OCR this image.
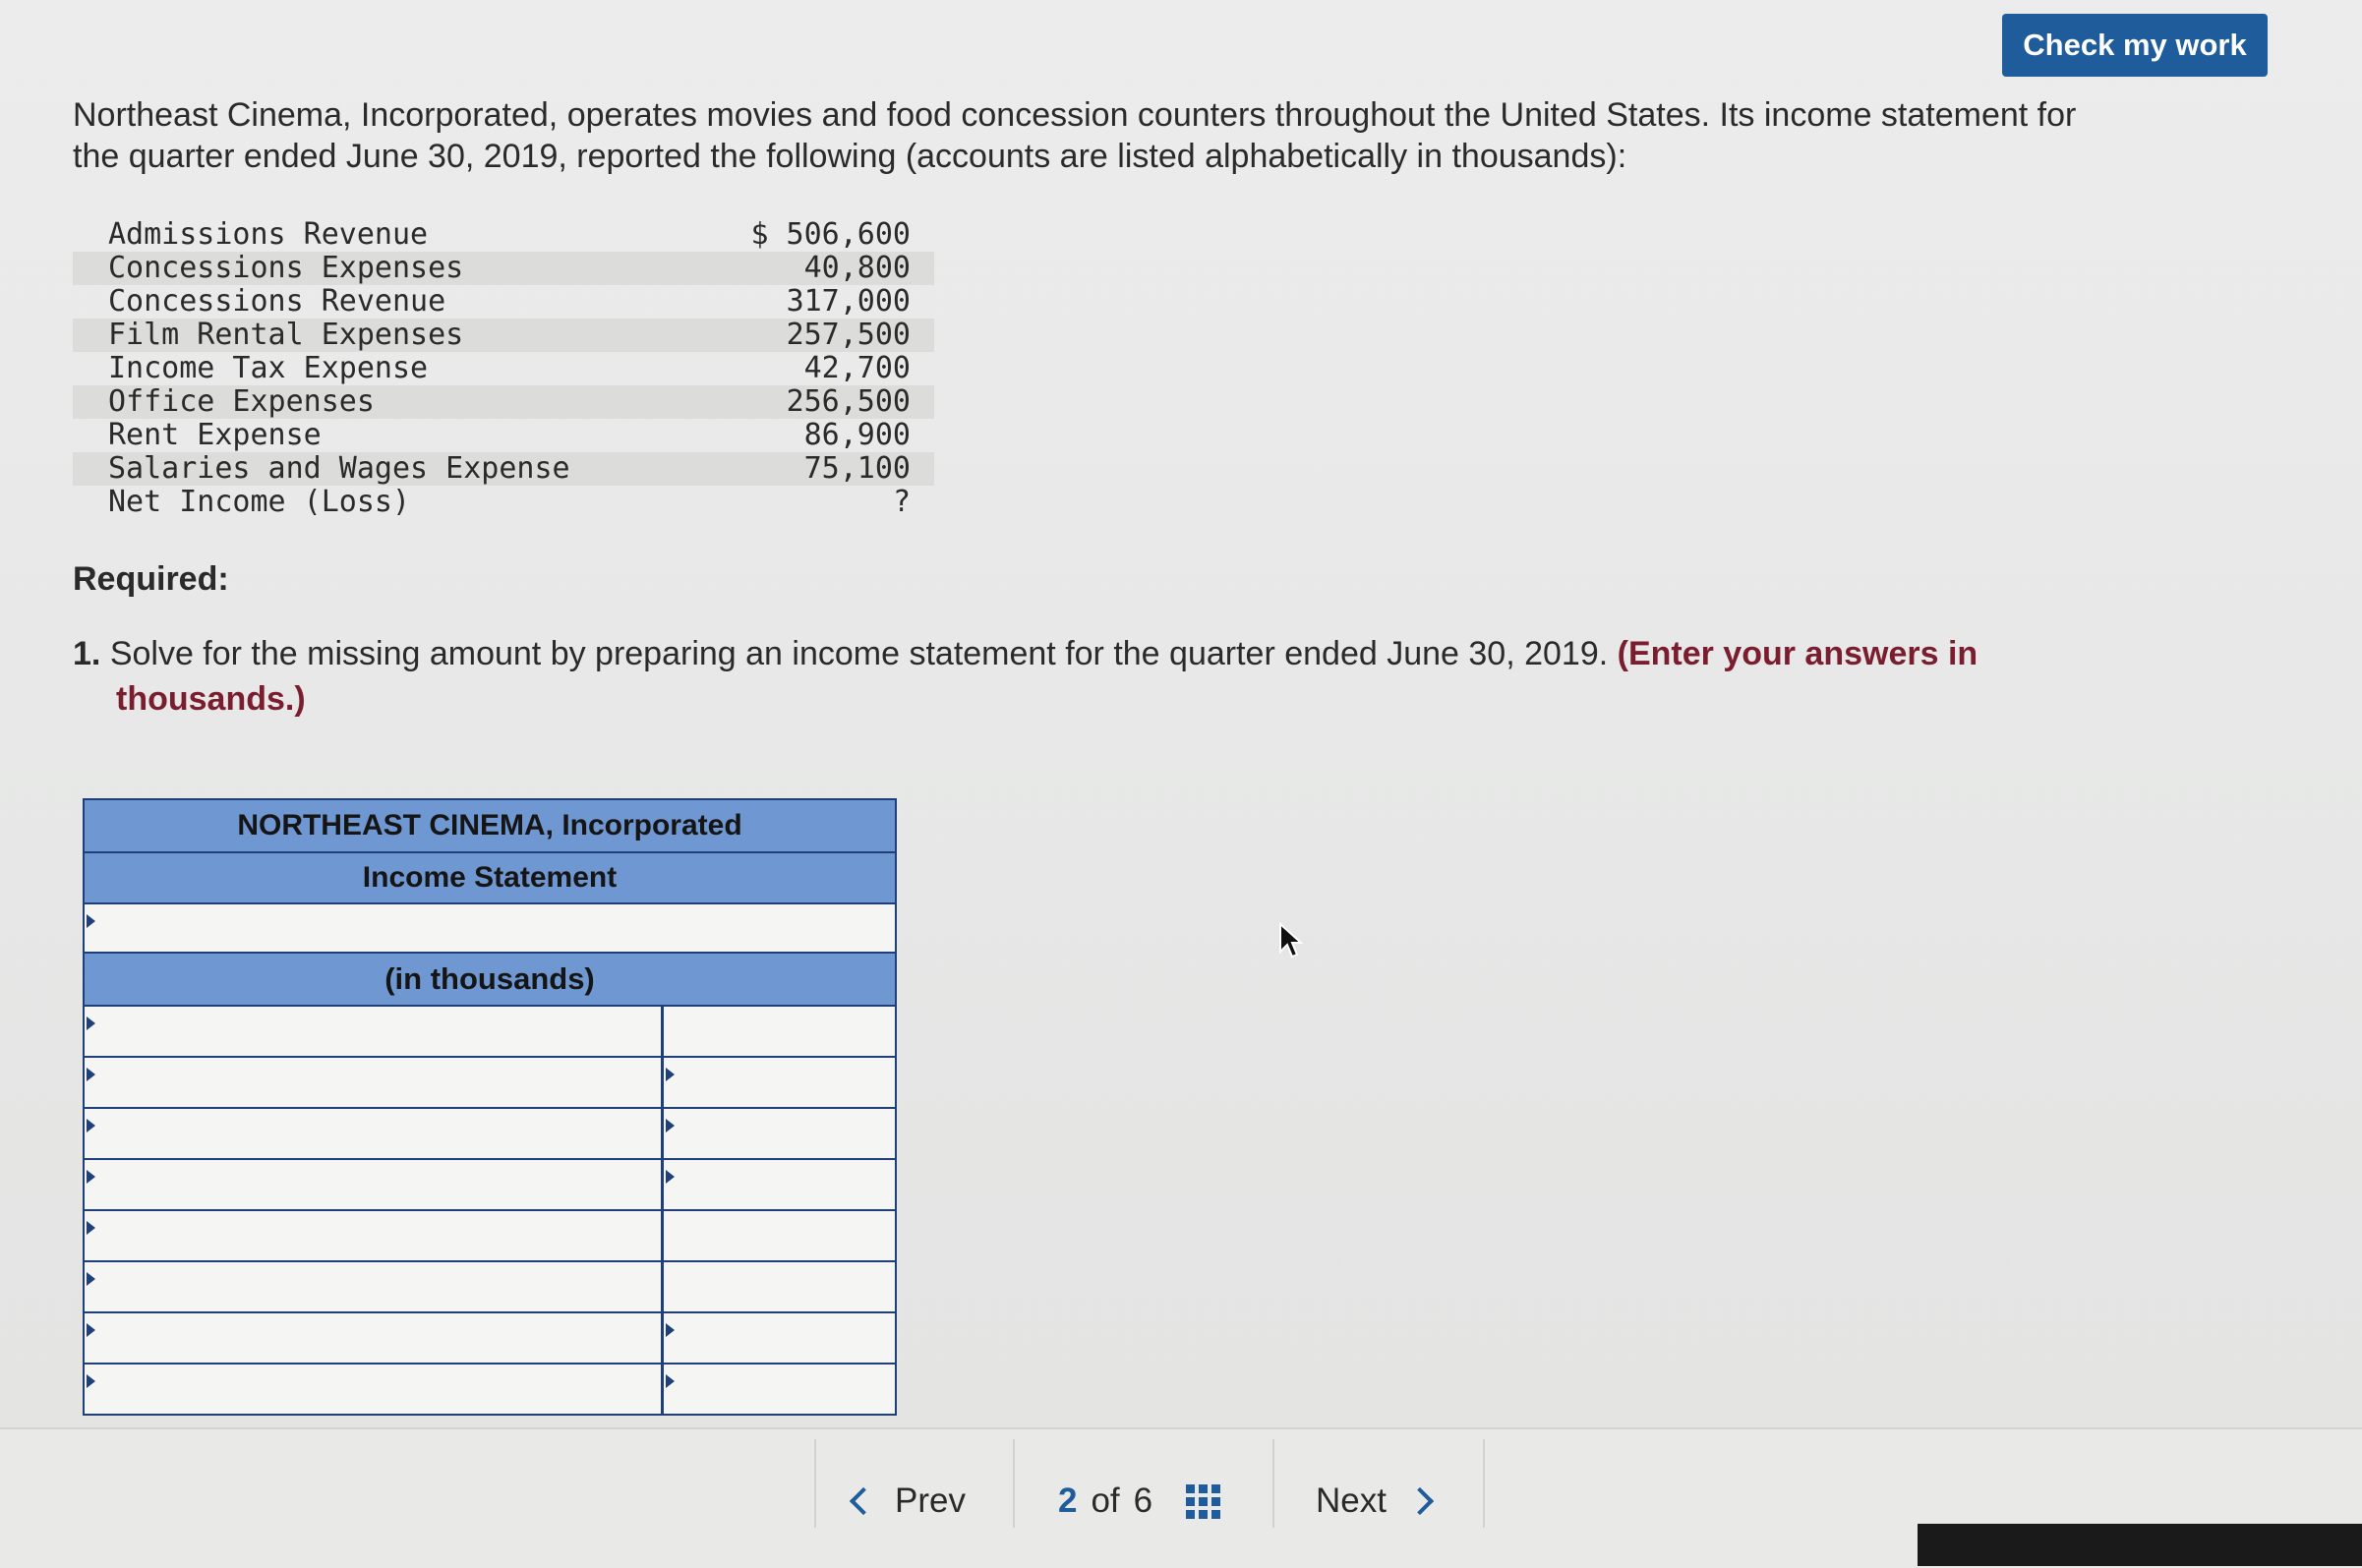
Check my work

Northeast Cinema, Incorporated, operates movies and food concession counters throughout the United States. Its income statement for the quarter ended June 30, 2019, reported the following (accounts are listed alphabetically in thousands):

Admissions Revenue	$ 506,600
Concessions Expenses	40,800
Concessions Revenue	317,000
Film Rental Expenses	257,500
Income Tax Expense	42,700
Office Expenses	256,500
Rent Expense	86,900
Salaries and Wages Expense	75,100
Net Income (Loss)	?

Required:

1. Solve for the missing amount by preparing an income statement for the quarter ended June 30, 2019. (Enter your answers in thousands.)

NORTHEAST CINEMA, Incorporated
Income Statement
(in thousands)
Prev	2 of 6	Next
